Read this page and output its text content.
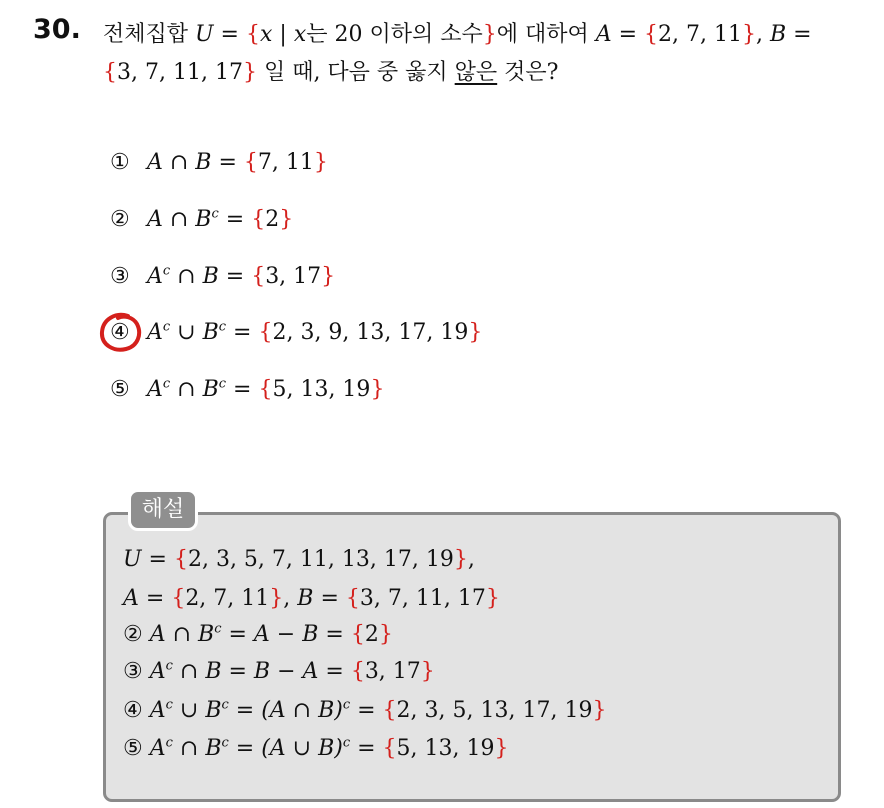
30. 전체집합 U = {x | x는 20 이하의 소수}에 대하여 A = {2, 7, 11}, B =
{3, 7, 11, 17} 일 때, 다음 중 옳지 않은 것은?
① A ∩ B = {7, 11}
② A ∩ $B^c = \{2\}$
③ $A^c$ ∩ B = {3, 17}
④ $A^c$ ∪ $B^c = \{2$, 3, 9, 13, 17, 19}
⑤ $A^c$ ∩ $B^c = \{5$, 13, 19}
해설
U = {2, 3, 5, 7, 11, 13, 17, 19},
A = {2, 7, 11}, B = {3, 7, 11, 17}
② A ∩ $B^c = A - B = \{2\}$
③ $A^c$ ∩ B = B − A = {3, 17}
④ $A^c$ ∪ $B^c = (A$ ∩ B)$^c$ = {2, 3, 5, 13, 17, 19}
⑤ $A^c$ ∩ $B^c = (A$ ∪ B)$^c$ = {5, 13, 19}
